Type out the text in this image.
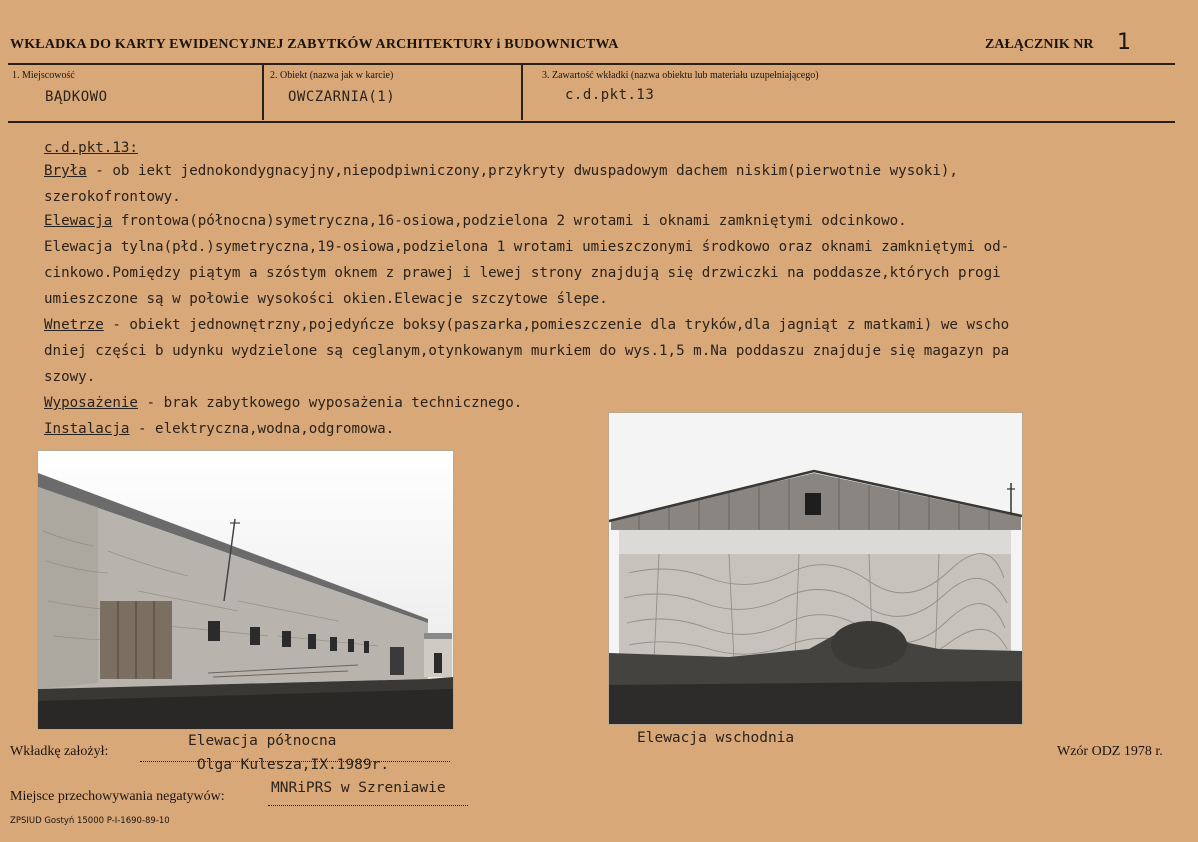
WKŁADKA DO KARTY EWIDENCYJNEJ ZABYTKÓW ARCHITEKTURY i BUDOWNICTWA	ZAŁĄCZNIK NR 1
1. Miejscowość
BĄDKOWO
2. Obiekt (nazwa jak w karcie)
OWCZARNIA(1)
3. Zawartość wkładki (nazwa obiektu lub materiału uzupełniającego)
c.d.pkt.13
c.d.pkt.13:
Bryła - ob iekt jednokondygnacyjny,niepodpiwniczony,przykryty dwuspadowym dachem niskim(pierwotnie wysoki),
szerokofrontowy.
Elewacja frontowa(północna)symetryczna,16-osiowa,podzielona 2 wrotami i oknami zamkniętymi odcinkowo.
Elewacja tylna(płd.)symetryczna,19-osiowa,podzielona 1 wrotami umieszczonymi środkowo oraz oknami zamkniętymi od-
cinkowo.Pomiędzy piątym a szóstym oknem z prawej i lewej strony znajdują się drzwiczki na poddasze,których progi
umieszczone są w połowie wysokości okien.Elewacje szczytowe ślepe.
Wnetrze - obiekt jednownętrzny,pojedyńcze boksy(paszarka,pomieszczenie dla tryków,dla jagniąt z matkami) we wscho
dniej części b udynku wydzielone są ceglanym,otynkowanym murkiem do wys.1,5 m.Na poddaszu znajduje się magazyn pa
szowy.
Wyposażenie - brak zabytkowego wyposażenia technicznego.
Instalacja - elektryczna,wodna,odgromowa.
Elewacja północna	Elewacja wschodnia
Wkładkę założył:
Olga Kulesza,IX.1989r.
Wzór ODZ 1978 r.
Miejsce przechowywania negatywów:
MNRiPRS w Szreniawie
ZPSIUD Gostyń 15000 P-I-1690-89-10
